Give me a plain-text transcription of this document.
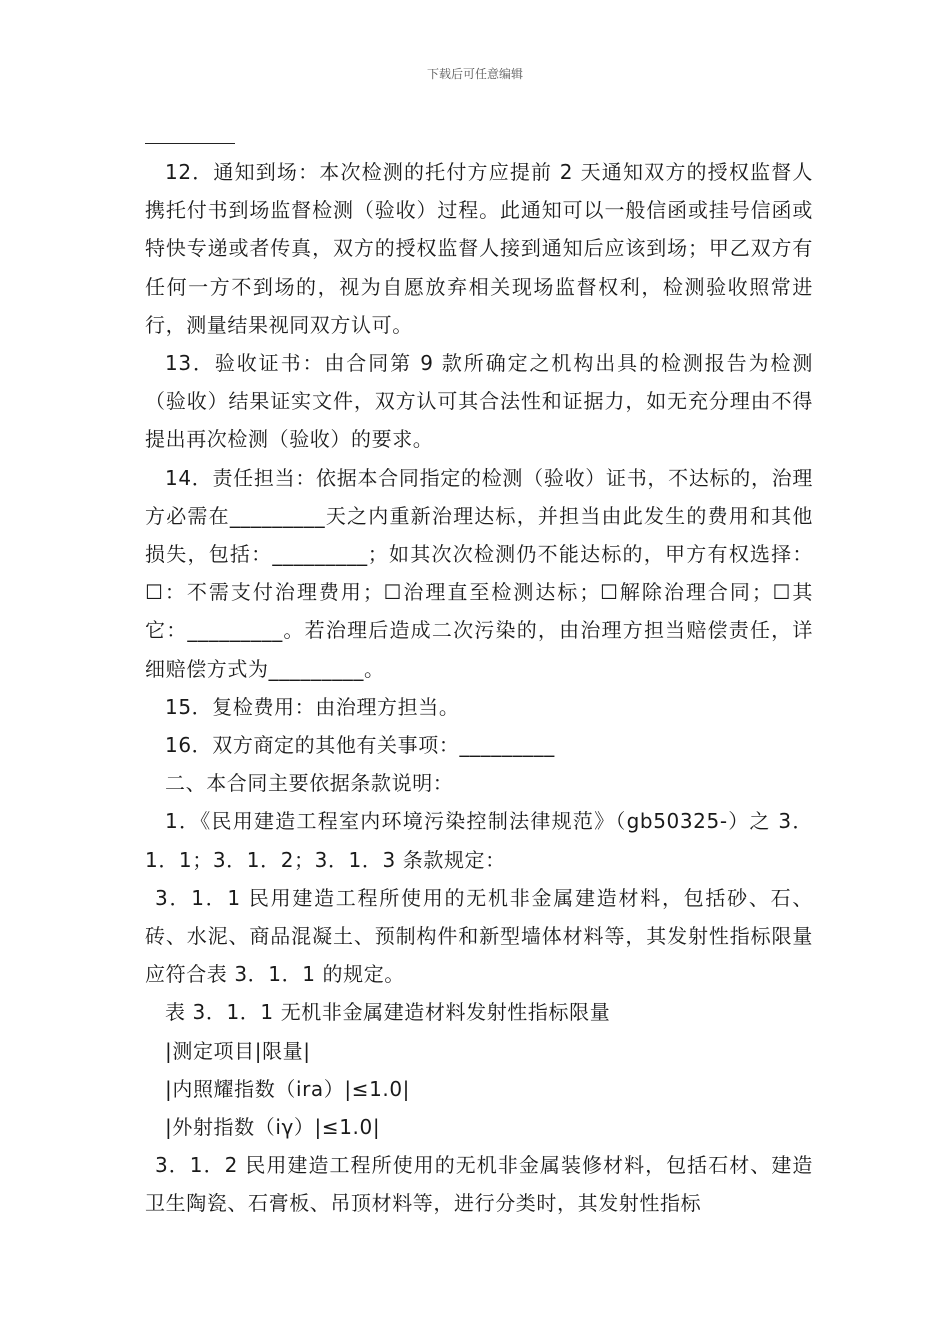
下载后可任意编辑

12．通知到场：本次检测的托付方应提前 2 天通知双方的授权监督人携托付书到场监督检测（验收）过程。此通知可以一般信函或挂号信函或特快专递或者传真，双方的授权监督人接到通知后应该到场；甲乙双方有任何一方不到场的，视为自愿放弃相关现场监督权利，检测验收照常进行，测量结果视同双方认可。

13．验收证书：由合同第 9 款所确定之机构出具的检测报告为检测（验收）结果证实文件，双方认可其合法性和证据力，如无充分理由不得提出再次检测（验收）的要求。

14．责任担当：依据本合同指定的检测（验收）证书，不达标的，治理方必需在_________天之内重新治理达标，并担当由此发生的费用和其他损失，包括：_________；如其次次检测仍不能达标的，甲方有权选择：☐：不需支付治理费用；☐治理直至检测达标；☐解除治理合同；☐其它：_________。若治理后造成二次污染的，由治理方担当赔偿责任，详细赔偿方式为_________。

15．复检费用：由治理方担当。

16．双方商定的其他有关事项：_________

二、本合同主要依据条款说明：

1．《民用建造工程室内环境污染控制法律规范》（gb50325-）之 3．1．1；3．1．2；3．1．3 条款规定：

3．1．1 民用建造工程所使用的无机非金属建造材料，包括砂、石、砖、水泥、商品混凝土、预制构件和新型墙体材料等，其发射性指标限量应符合表 3．1．1 的规定。

表 3．1．1 无机非金属建造材料发射性指标限量

|测定项目|限量|

|内照耀指数（ira）|≤1.0|

|外射指数（iγ）|≤1.0|

3．1．2 民用建造工程所使用的无机非金属装修材料，包括石材、建造卫生陶瓷、石膏板、吊顶材料等，进行分类时，其发射性指标
